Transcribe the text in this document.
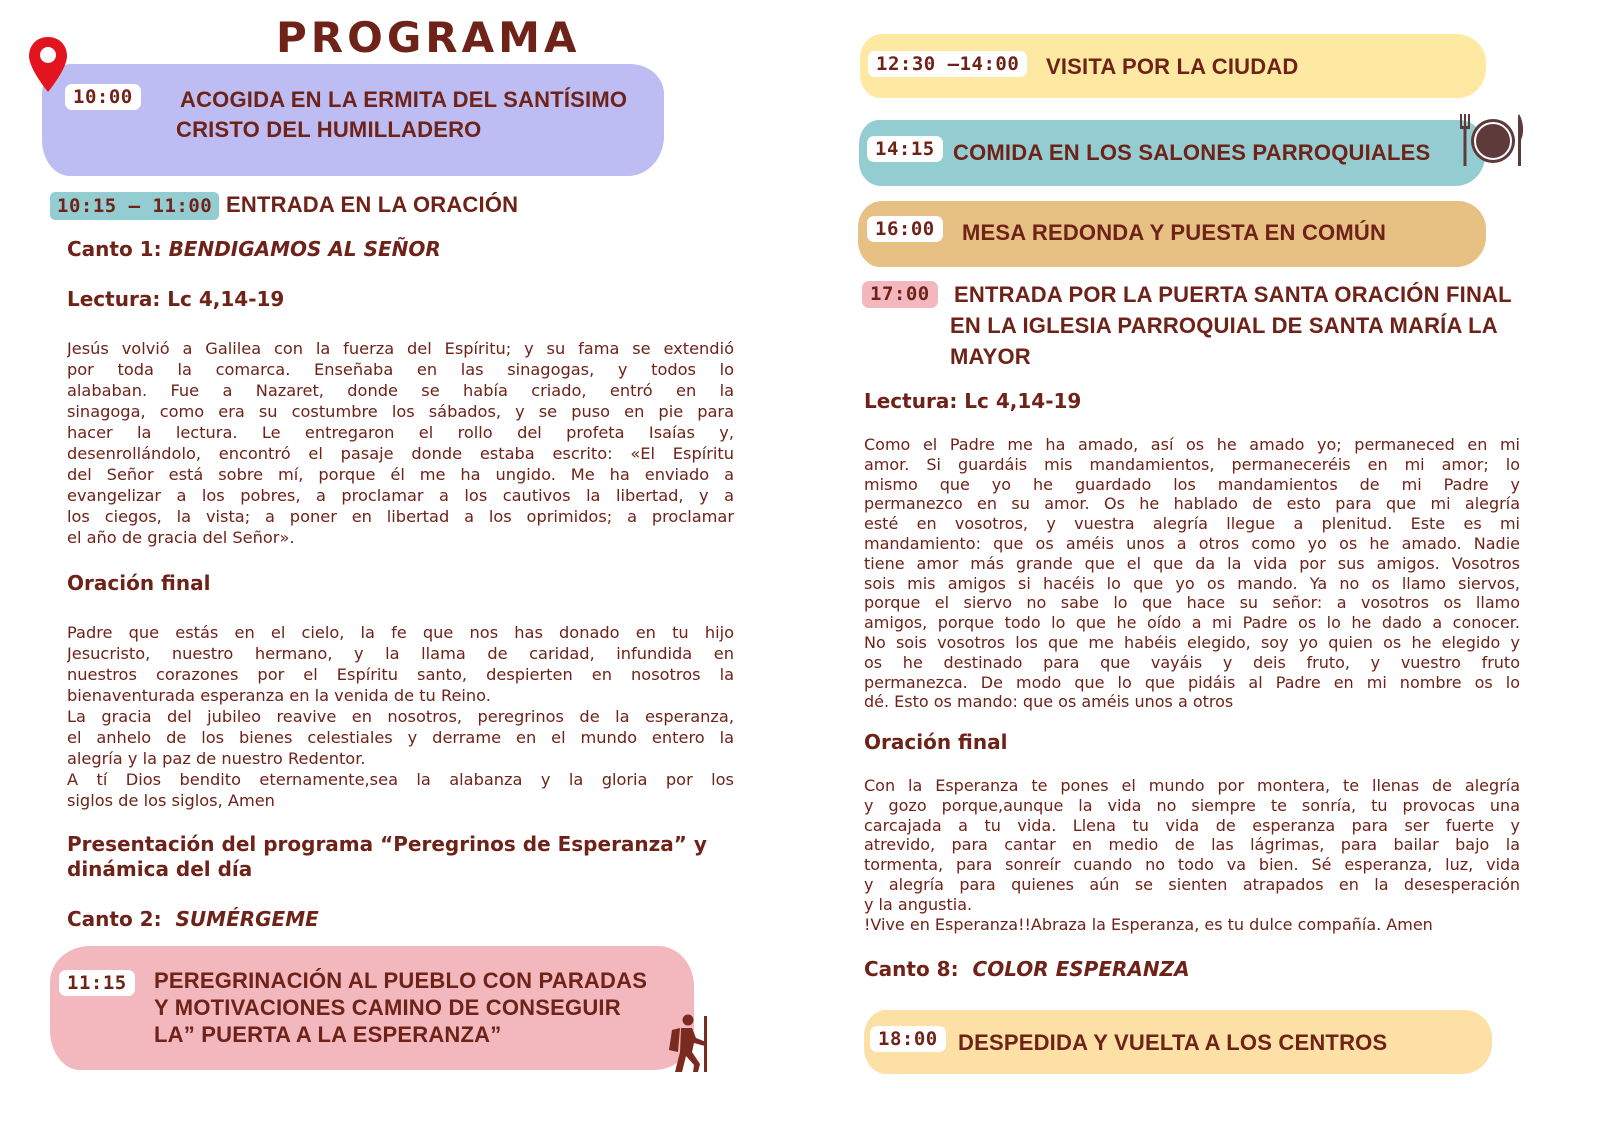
PROGRAMA
10:00	ACOGIDA EN LA ERMITA DEL SANTÍSIMO
CRISTO DEL HUMILLADERO
10:15 – 11:00 ENTRADA EN LA ORACIÓN
Canto 1: BENDIGAMOS AL SEÑOR
Lectura: Lc 4,14-19
Jesús volvió a Galilea con la fuerza del Espíritu; y su fama se extendió
por toda la comarca. Enseñaba en las sinagogas, y todos lo
alababan. Fue a Nazaret, donde se había criado, entró en la
sinagoga, como era su costumbre los sábados, y se puso en pie para
hacer la lectura. Le entregaron el rollo del profeta Isaías y,
desenrollándolo, encontró el pasaje donde estaba escrito: «El Espíritu
del Señor está sobre mí, porque él me ha ungido. Me ha enviado a
evangelizar a los pobres, a proclamar a los cautivos la libertad, y a
los ciegos, la vista; a poner en libertad a los oprimidos; a proclamar
el año de gracia del Señor».
Oración final
Padre que estás en el cielo, la fe que nos has donado en tu hijo
Jesucristo, nuestro hermano, y la llama de caridad, infundida en
nuestros corazones por el Espíritu santo, despierten en nosotros la
bienaventurada esperanza en la venida de tu Reino.
La gracia del jubileo reavive en nosotros, peregrinos de la esperanza,
el anhelo de los bienes celestiales y derrame en el mundo entero la
alegría y la paz de nuestro Redentor.
A tí Dios bendito eternamente,sea la alabanza y la gloria por los
siglos de los siglos, Amen
Presentación del programa “Peregrinos de Esperanza” y
dinámica del día
Canto 2:  SUMÉRGEME
11:15	PEREGRINACIÓN AL PUEBLO CON PARADAS
Y MOTIVACIONES CAMINO DE CONSEGUIR
LA” PUERTA A LA ESPERANZA”
12:30 –14:00	VISITA POR LA CIUDAD
14:15 COMIDA EN LOS SALONES PARROQUIALES
16:00	MESA REDONDA Y PUESTA EN COMÚN
17:00	ENTRADA POR LA PUERTA SANTA ORACIÓN FINAL
EN LA IGLESIA PARROQUIAL DE SANTA MARÍA LA
MAYOR
Lectura: Lc 4,14-19
Como el Padre me ha amado, así os he amado yo; permaneced en mi
amor. Si guardáis mis mandamientos, permaneceréis en mi amor; lo
mismo que yo he guardado los mandamientos de mi Padre y
permanezco en su amor. Os he hablado de esto para que mi alegría
esté en vosotros, y vuestra alegría llegue a plenitud. Este es mi
mandamiento: que os améis unos a otros como yo os he amado. Nadie
tiene amor más grande que el que da la vida por sus amigos. Vosotros
sois mis amigos si hacéis lo que yo os mando. Ya no os llamo siervos,
porque el siervo no sabe lo que hace su señor: a vosotros os llamo
amigos, porque todo lo que he oído a mi Padre os lo he dado a conocer.
No sois vosotros los que me habéis elegido, soy yo quien os he elegido y
os he destinado para que vayáis y deis fruto, y vuestro fruto
permanezca. De modo que lo que pidáis al Padre en mi nombre os lo
dé. Esto os mando: que os améis unos a otros
Oración final
Con la Esperanza te pones el mundo por montera, te llenas de alegría
y gozo porque,aunque la vida no siempre te sonría, tu provocas una
carcajada a tu vida. Llena tu vida de esperanza para ser fuerte y
atrevido, para cantar en medio de las lágrimas, para bailar bajo la
tormenta, para sonreír cuando no todo va bien. Sé esperanza, luz, vida
y alegría para quienes aún se sienten atrapados en la desesperación
y la angustia.
!Vive en Esperanza!!Abraza la Esperanza, es tu dulce compañía. Amen
Canto 8:  COLOR ESPERANZA
18:00 DESPEDIDA Y VUELTA A LOS CENTROS
